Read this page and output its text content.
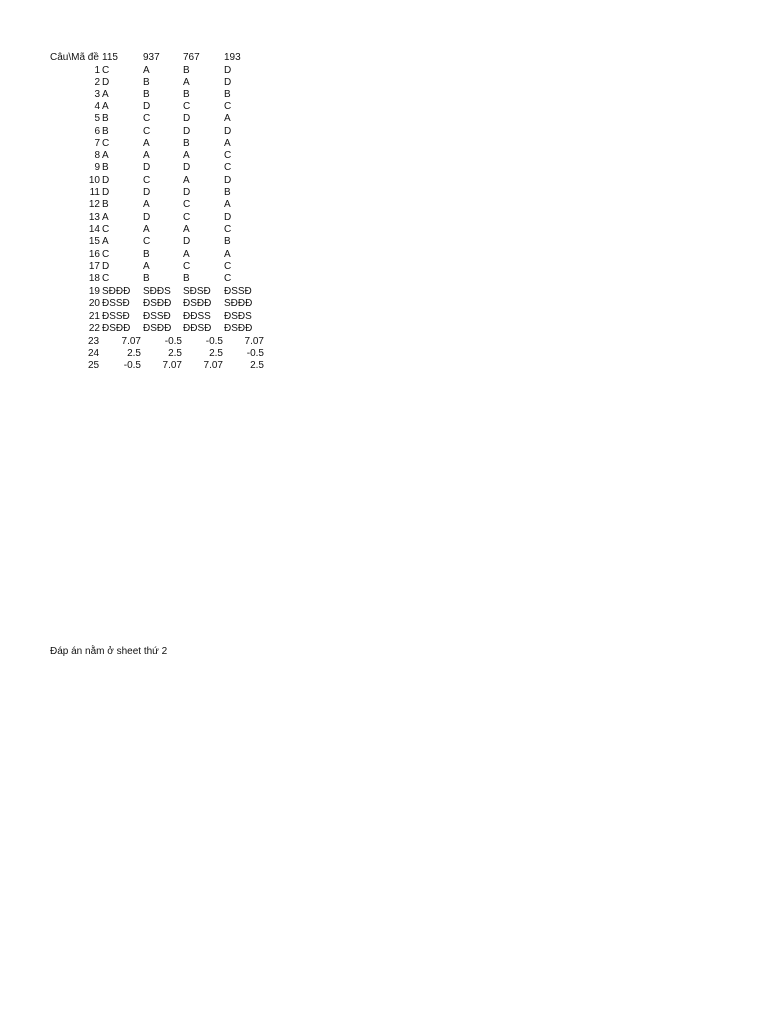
Câu\Mã đề 115	937 767 193
1 C	A	B	D
2 D	B	A	D
3 A	B	B	B
4 A	D	C	C
5 B	C	D	A
6 B	C	D	D
7 C	A	B	A
8 A	A	A	C
9 B	D	D	C
10 D	C	A	D
11 D	D	D	B
12 B	A	C	A
13 A	D	C	D
14 C	A	A	C
15 A	C	D	B
16 C	B	A	A
17 D	A	C	C
18 C	B	B	C
19 SĐĐĐ SĐĐS SĐSĐ ĐSSĐ
20 ĐSSĐ ĐSĐĐ ĐSĐĐ SĐĐĐ
21 ĐSSĐ ĐSSĐ ĐĐSS ĐSĐS
22 ĐSĐĐ ĐSĐĐ ĐĐSĐ ĐSĐĐ
23	7.07	-0.5	-0.5	7.07
24	2.5	2.5	2.5	-0.5
25	-0.5	7.07	7.07	2.5
Đáp án nằm ở sheet thứ 2
